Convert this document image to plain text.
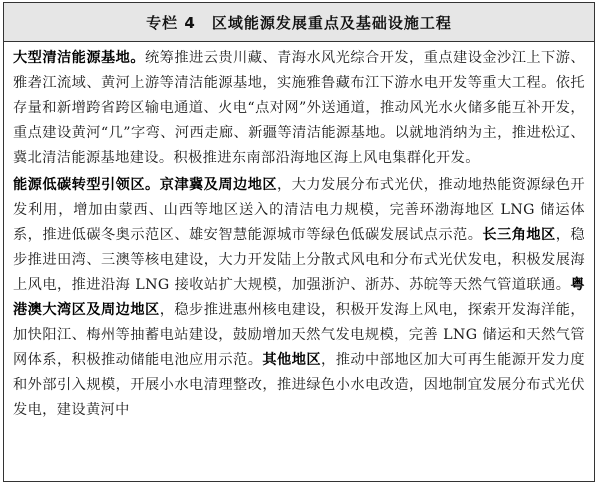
专栏 4　区域能源发展重点及基础设施工程

大型清洁能源基地。统筹推进云贵川藏、青海水风光综合开发，重点建设金沙江上下游、雅砻江流域、黄河上游等清洁能源基地，实施雅鲁藏布江下游水电开发等重大工程。依托存量和新增跨省跨区输电通道、火电“点对网”外送通道，推动风光水火储多能互补开发，重点建设黄河“几”字弯、河西走廊、新疆等清洁能源基地。以就地消纳为主，推进松辽、冀北清洁能源基地建设。积极推进东南部沿海地区海上风电集群化开发。

能源低碳转型引领区。京津冀及周边地区，大力发展分布式光伏，推动地热能资源绿色开发利用，增加由蒙西、山西等地区送入的清洁电力规模，完善环渤海地区 LNG 储运体系，推进低碳冬奥示范区、雄安智慧能源城市等绿色低碳发展试点示范。长三角地区，稳步推进田湾、三澳等核电建设，大力开发陆上分散式风电和分布式光伏发电，积极发展海上风电，推进沿海 LNG 接收站扩大规模，加强浙沪、浙苏、苏皖等天然气管道联通。粤港澳大湾区及周边地区，稳步推进惠州核电建设，积极开发海上风电，探索开发海洋能，加快阳江、梅州等抽蓄电站建设，鼓励增加天然气发电规模，完善 LNG 储运和天然气管网体系，积极推动储能电池应用示范。其他地区，推动中部地区加大可再生能源开发力度和外部引入规模，开展小水电清理整改，推进绿色小水电改造，因地制宜发展分布式光伏发电，建设黄河中
